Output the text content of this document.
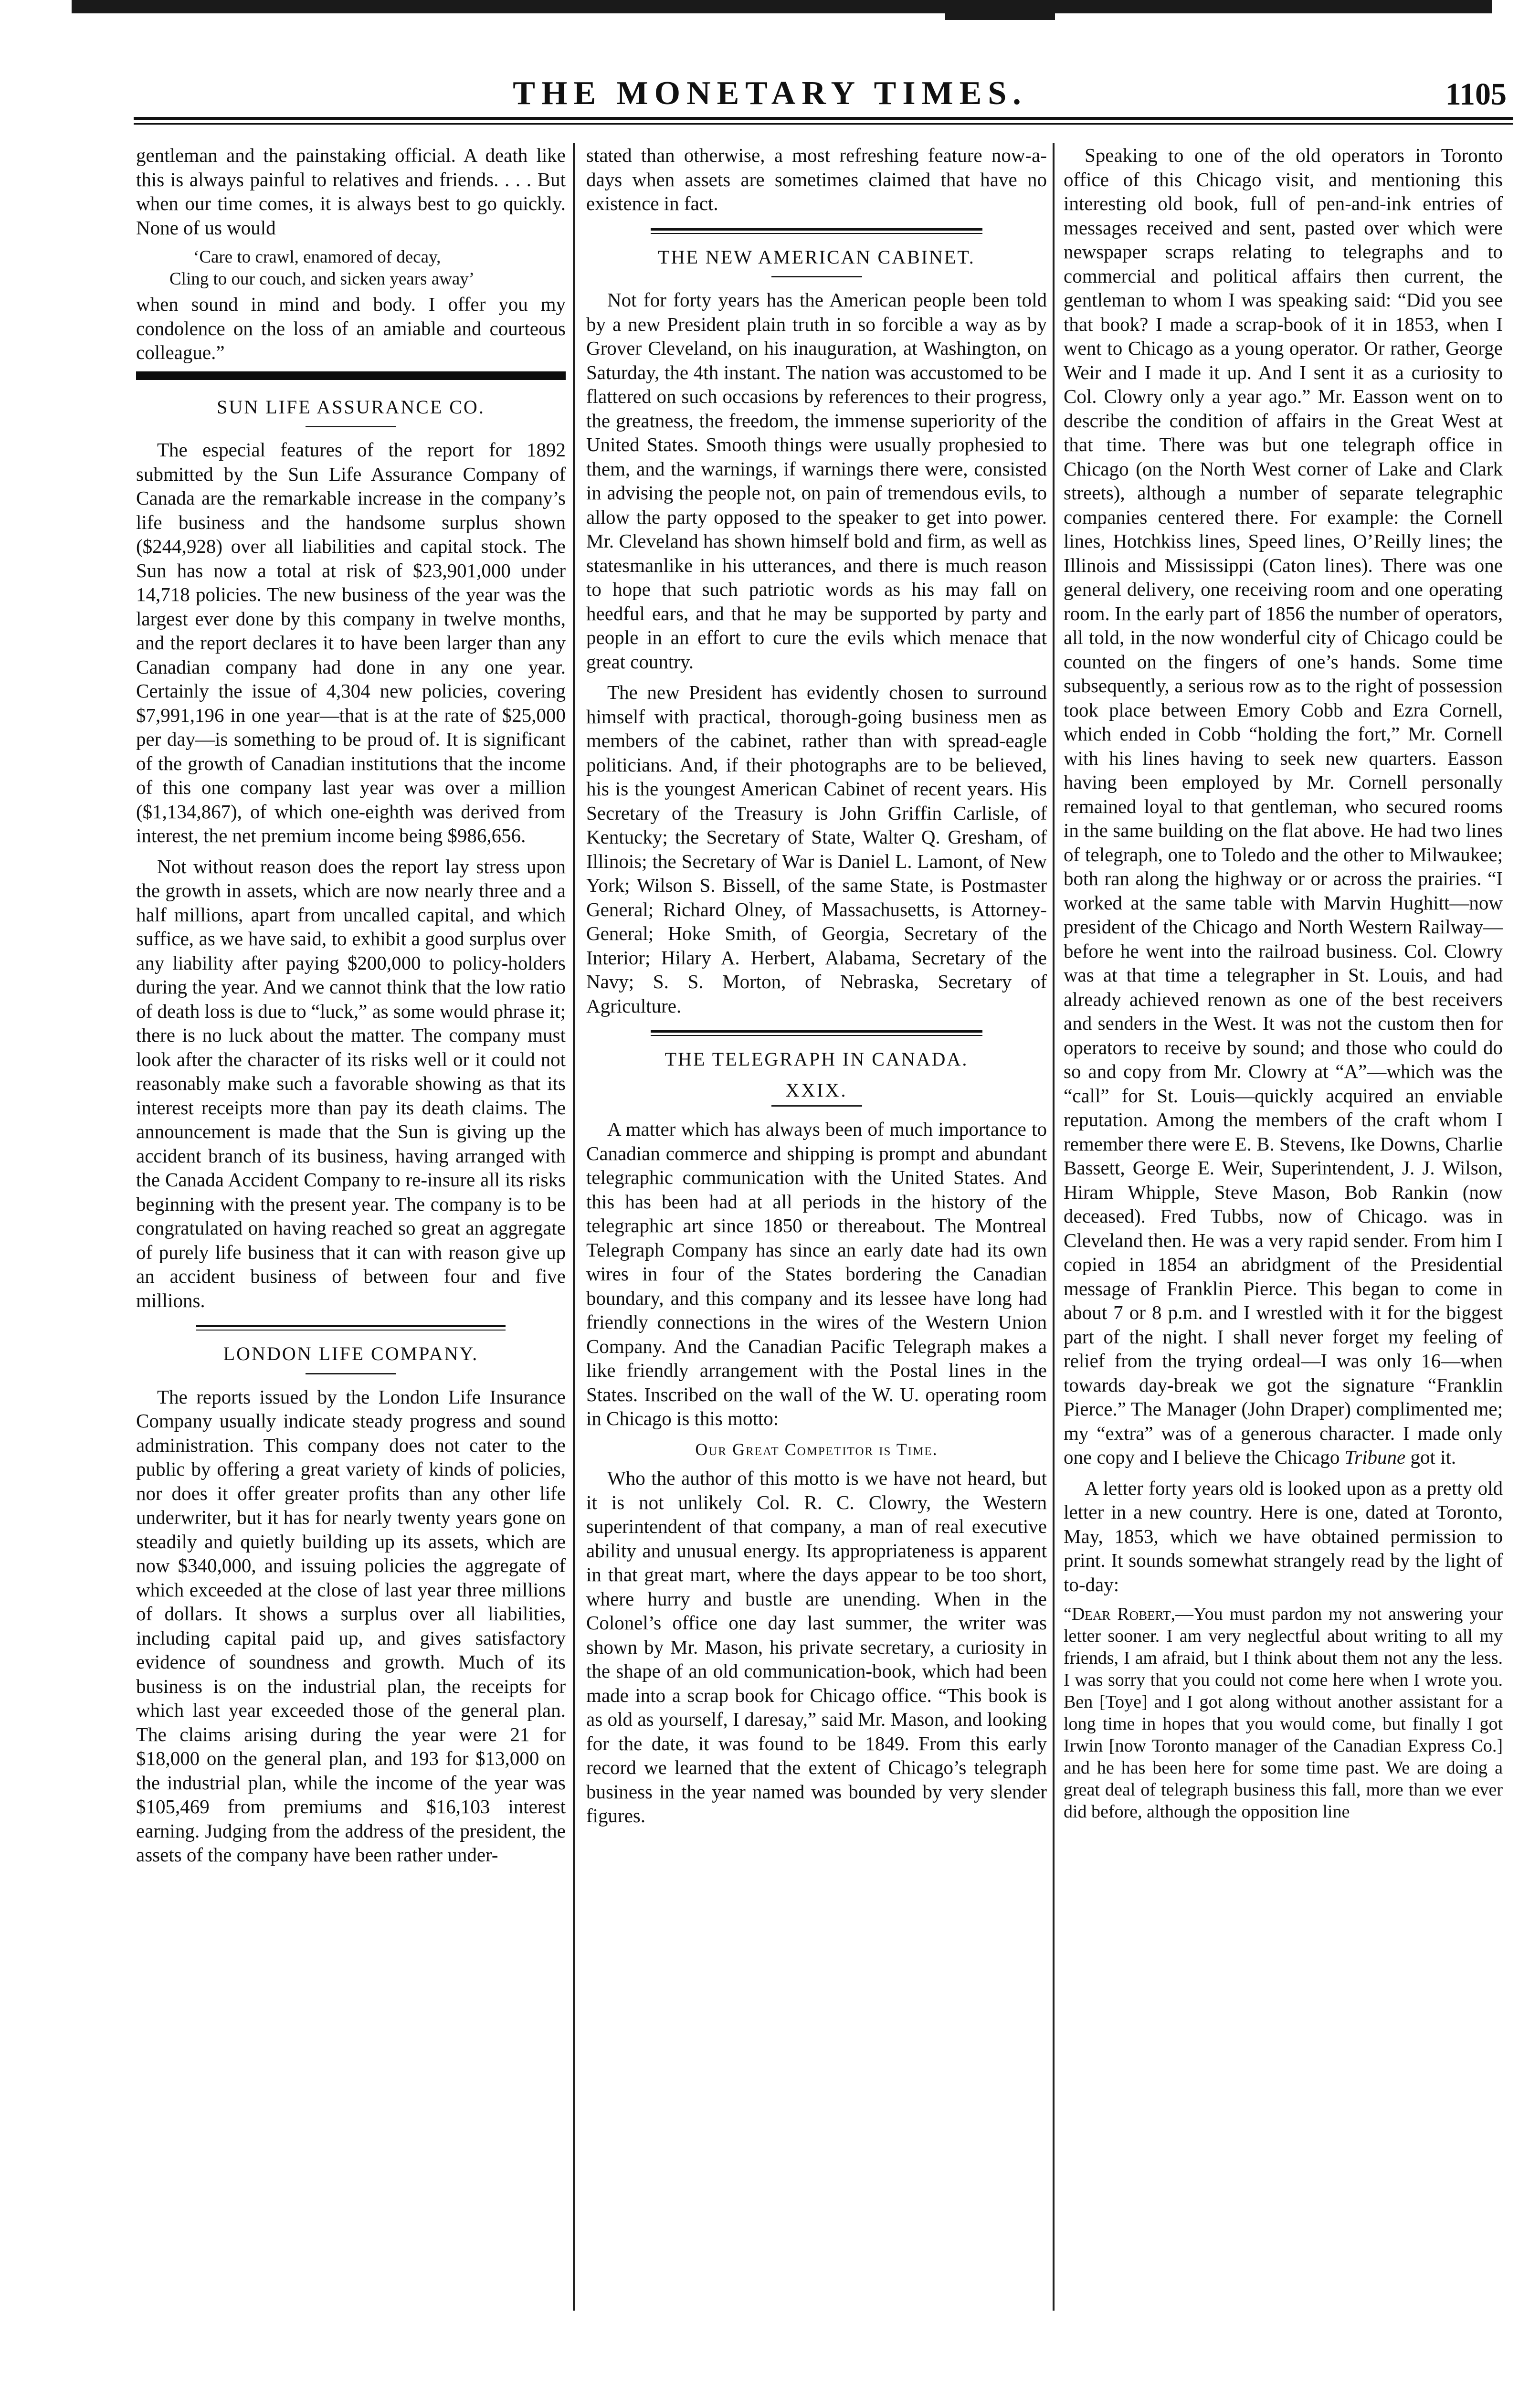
THE MONETARY TIMES.	1105

gentleman and the painstaking official. A death like this is always painful to relatives and friends. . . . But when our time comes, it is always best to go quickly. None of us would

‘Care to crawl, enamored of decay,
Cling to our couch, and sicken years away’

when sound in mind and body. I offer you my condolence on the loss of an amiable and courteous colleague.”

SUN LIFE ASSURANCE CO.

The especial features of the report for 1892 submitted by the Sun Life Assurance Company of Canada are the remarkable increase in the company’s life business and the handsome surplus shown ($244,928) over all liabilities and capital stock. The Sun has now a total at risk of $23,901,000 under 14,718 policies. The new business of the year was the largest ever done by this company in twelve months, and the report declares it to have been larger than any Canadian company had done in any one year. Certainly the issue of 4,304 new policies, covering $7,991,196 in one year—that is at the rate of $25,000 per day—is something to be proud of. It is significant of the growth of Canadian institutions that the income of this one company last year was over a million ($1,134,867), of which one-eighth was derived from interest, the net premium income being $986,656.

Not without reason does the report lay stress upon the growth in assets, which are now nearly three and a half millions, apart from uncalled capital, and which suffice, as we have said, to exhibit a good surplus over any liability after paying $200,000 to policy-holders during the year. And we cannot think that the low ratio of death loss is due to “luck,” as some would phrase it; there is no luck about the matter. The company must look after the character of its risks well or it could not reasonably make such a favorable showing as that its interest receipts more than pay its death claims. The announcement is made that the Sun is giving up the accident branch of its business, having arranged with the Canada Accident Company to re-insure all its risks beginning with the present year. The company is to be congratulated on having reached so great an aggregate of purely life business that it can with reason give up an accident business of between four and five millions.

LONDON LIFE COMPANY.

The reports issued by the London Life Insurance Company usually indicate steady progress and sound administration. This company does not cater to the public by offering a great variety of kinds of policies, nor does it offer greater profits than any other life underwriter, but it has for nearly twenty years gone on steadily and quietly building up its assets, which are now $340,000, and issuing policies the aggregate of which exceeded at the close of last year three millions of dollars. It shows a surplus over all liabilities, including capital paid up, and gives satisfactory evidence of soundness and growth. Much of its business is on the industrial plan, the receipts for which last year exceeded those of the general plan. The claims arising during the year were 21 for $18,000 on the general plan, and 193 for $13,000 on the industrial plan, while the income of the year was $105,469 from premiums and $16,103 interest earning. Judging from the address of the president, the assets of the company have been rather under-

stated than otherwise, a most refreshing feature now-a-days when assets are sometimes claimed that have no existence in fact.

THE NEW AMERICAN CABINET.

Not for forty years has the American people been told by a new President plain truth in so forcible a way as by Grover Cleveland, on his inauguration, at Washington, on Saturday, the 4th instant. The nation was accustomed to be flattered on such occasions by references to their progress, the greatness, the freedom, the immense superiority of the United States. Smooth things were usually prophesied to them, and the warnings, if warnings there were, consisted in advising the people not, on pain of tremendous evils, to allow the party opposed to the speaker to get into power. Mr. Cleveland has shown himself bold and firm, as well as statesmanlike in his utterances, and there is much reason to hope that such patriotic words as his may fall on heedful ears, and that he may be supported by party and people in an effort to cure the evils which menace that great country.

The new President has evidently chosen to surround himself with practical, thorough-going business men as members of the cabinet, rather than with spread-eagle politicians. And, if their photographs are to be believed, his is the youngest American Cabinet of recent years. His Secretary of the Treasury is John Griffin Carlisle, of Kentucky; the Secretary of State, Walter Q. Gresham, of Illinois; the Secretary of War is Daniel L. Lamont, of New York; Wilson S. Bissell, of the same State, is Postmaster General; Richard Olney, of Massachusetts, is Attorney-General; Hoke Smith, of Georgia, Secretary of the Interior; Hilary A. Herbert, Alabama, Secretary of the Navy; S. S. Morton, of Nebraska, Secretary of Agriculture.

THE TELEGRAPH IN CANADA.
XXIX.

A matter which has always been of much importance to Canadian commerce and shipping is prompt and abundant telegraphic communication with the United States. And this has been had at all periods in the history of the telegraphic art since 1850 or thereabout. The Montreal Telegraph Company has since an early date had its own wires in four of the States bordering the Canadian boundary, and this company and its lessee have long had friendly connections in the wires of the Western Union Company. And the Canadian Pacific Telegraph makes a like friendly arrangement with the Postal lines in the States. Inscribed on the wall of the W. U. operating room in Chicago is this motto:

Our Great Competitor is Time.

Who the author of this motto is we have not heard, but it is not unlikely Col. R. C. Clowry, the Western superintendent of that company, a man of real executive ability and unusual energy. Its appropriateness is apparent in that great mart, where the days appear to be too short, where hurry and bustle are unending. When in the Colonel’s office one day last summer, the writer was shown by Mr. Mason, his private secretary, a curiosity in the shape of an old communication-book, which had been made into a scrap book for Chicago office. “This book is as old as yourself, I daresay,” said Mr. Mason, and looking for the date, it was found to be 1849. From this early record we learned that the extent of Chicago’s telegraph business in the year named was bounded by very slender figures.

Speaking to one of the old operators in Toronto office of this Chicago visit, and mentioning this interesting old book, full of pen-and-ink entries of messages received and sent, pasted over which were newspaper scraps relating to telegraphs and to commercial and political affairs then current, the gentleman to whom I was speaking said: “Did you see that book? I made a scrap-book of it in 1853, when I went to Chicago as a young operator. Or rather, George Weir and I made it up. And I sent it as a curiosity to Col. Clowry only a year ago.” Mr. Easson went on to describe the condition of affairs in the Great West at that time. There was but one telegraph office in Chicago (on the North West corner of Lake and Clark streets), although a number of separate telegraphic companies centered there. For example: the Cornell lines, Hotchkiss lines, Speed lines, O’Reilly lines; the Illinois and Mississippi (Caton lines). There was one general delivery, one receiving room and one operating room. In the early part of 1856 the number of operators, all told, in the now wonderful city of Chicago could be counted on the fingers of one’s hands. Some time subsequently, a serious row as to the right of possession took place between Emory Cobb and Ezra Cornell, which ended in Cobb “holding the fort,” Mr. Cornell with his lines having to seek new quarters. Easson having been employed by Mr. Cornell personally remained loyal to that gentleman, who secured rooms in the same building on the flat above. He had two lines of telegraph, one to Toledo and the other to Milwaukee; both ran along the highway or or across the prairies. “I worked at the same table with Marvin Hughitt—now president of the Chicago and North Western Railway—before he went into the railroad business. Col. Clowry was at that time a telegrapher in St. Louis, and had already achieved renown as one of the best receivers and senders in the West. It was not the custom then for operators to receive by sound; and those who could do so and copy from Mr. Clowry at “A”—which was the “call” for St. Louis—quickly acquired an enviable reputation. Among the members of the craft whom I remember there were E. B. Stevens, Ike Downs, Charlie Bassett, George E. Weir, Superintendent, J. J. Wilson, Hiram Whipple, Steve Mason, Bob Rankin (now deceased). Fred Tubbs, now of Chicago. was in Cleveland then. He was a very rapid sender. From him I copied in 1854 an abridgment of the Presidential message of Franklin Pierce. This began to come in about 7 or 8 p.m. and I wrestled with it for the biggest part of the night. I shall never forget my feeling of relief from the trying ordeal—I was only 16—when towards day-break we got the signature “Franklin Pierce.” The Manager (John Draper) complimented me; my “extra” was of a generous character. I made only one copy and I believe the Chicago Tribune got it.

A letter forty years old is looked upon as a pretty old letter in a new country. Here is one, dated at Toronto, May, 1853, which we have obtained permission to print. It sounds somewhat strangely read by the light of to-day:

“Dear Robert,—You must pardon my not answering your letter sooner. I am very neglectful about writing to all my friends, I am afraid, but I think about them not any the less. I was sorry that you could not come here when I wrote you. Ben [Toye] and I got along without another assistant for a long time in hopes that you would come, but finally I got Irwin [now Toronto manager of the Canadian Express Co.] and he has been here for some time past. We are doing a great deal of telegraph business this fall, more than we ever did before, although the opposition line
